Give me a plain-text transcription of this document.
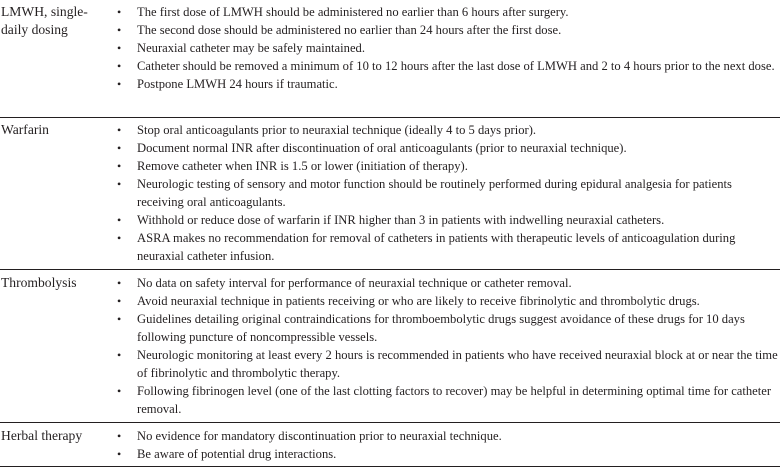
LMWH, single-daily dosing
• The first dose of LMWH should be administered no earlier than 6 hours after surgery.
• The second dose should be administered no earlier than 24 hours after the first dose.
• Neuraxial catheter may be safely maintained.
• Catheter should be removed a minimum of 10 to 12 hours after the last dose of LMWH and 2 to 4 hours prior to the next dose.
• Postpone LMWH 24 hours if traumatic.
Warfarin	• Stop oral anticoagulants prior to neuraxial technique (ideally 4 to 5 days prior).
• Document normal INR after discontinuation of oral anticoagulants (prior to neuraxial technique).
• Remove catheter when INR is 1.5 or lower (initiation of therapy).
• Neurologic testing of sensory and motor function should be routinely performed during epidural analgesia for patients receiving oral anticoagulants.
• Withhold or reduce dose of warfarin if INR higher than 3 in patients with indwelling neuraxial catheters.
• ASRA makes no recommendation for removal of catheters in patients with therapeutic levels of anticoagulation during neuraxial catheter infusion.
Thrombolysis	• No data on safety interval for performance of neuraxial technique or catheter removal.
• Avoid neuraxial technique in patients receiving or who are likely to receive fibrinolytic and thrombolytic drugs.
• Guidelines detailing original contraindications for thromboembolytic drugs suggest avoidance of these drugs for 10 days following puncture of noncompressible vessels.
• Neurologic monitoring at least every 2 hours is recommended in patients who have received neuraxial block at or near the time of fibrinolytic and thrombolytic therapy.
• Following fibrinogen level (one of the last clotting factors to recover) may be helpful in determining optimal time for catheter removal.
Herbal therapy	• No evidence for mandatory discontinuation prior to neuraxial technique.
• Be aware of potential drug interactions.
